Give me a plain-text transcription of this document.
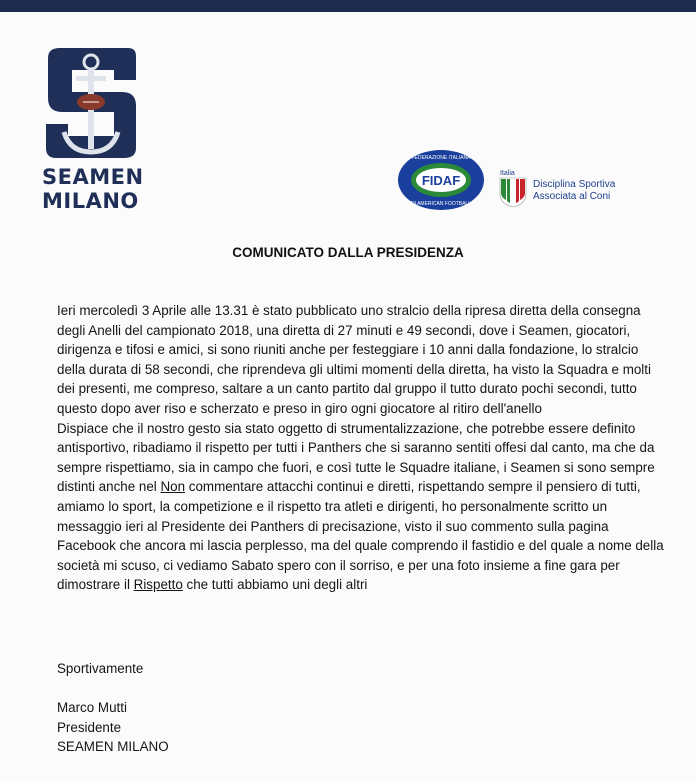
SEAMEN
MILANO
FIDAF
FEDERAZIONE ITALIANA
DI AMERICAN FOOTBALL
Italia
Disciplina Sportiva
Associata al Coni
COMUNICATO DALLA PRESIDENZA

Ieri mercoledì 3 Aprile alle 13.31 è stato pubblicato uno stralcio della ripresa diretta della consegna degli Anelli del campionato 2018, una diretta di 27 minuti e 49 secondi, dove i Seamen, giocatori, dirigenza e tifosi e amici, si sono riuniti anche per festeggiare i 10 anni dalla fondazione, lo stralcio della durata di 58 secondi, che riprendeva gli ultimi momenti della diretta, ha visto la Squadra e molti dei presenti, me compreso, saltare a un canto partito dal gruppo il tutto durato pochi secondi, tutto questo dopo aver riso e scherzato e preso in giro ogni giocatore al ritiro dell'anello

Dispiace che il nostro gesto sia stato oggetto di strumentalizzazione, che potrebbe essere definito antisportivo, ribadiamo il rispetto per tutti i Panthers che si saranno sentiti offesi dal canto, ma che da sempre rispettiamo, sia in campo che fuori, e così tutte le Squadre italiane, i Seamen si sono sempre distinti anche nel Non commentare attacchi continui e diretti, rispettando sempre il pensiero di tutti, amiamo lo sport, la competizione e il rispetto tra atleti e dirigenti, ho personalmente scritto un messaggio ieri al Presidente dei Panthers di precisazione, visto il suo commento sulla pagina Facebook che ancora mi lascia perplesso, ma del quale comprendo il fastidio e del quale a nome della società mi scuso, ci vediamo Sabato spero con il sorriso, e per una foto insieme a fine gara per dimostrare il Rispetto che tutti abbiamo uni degli altri

Sportivamente
Marco Mutti
Presidente
SEAMEN MILANO
